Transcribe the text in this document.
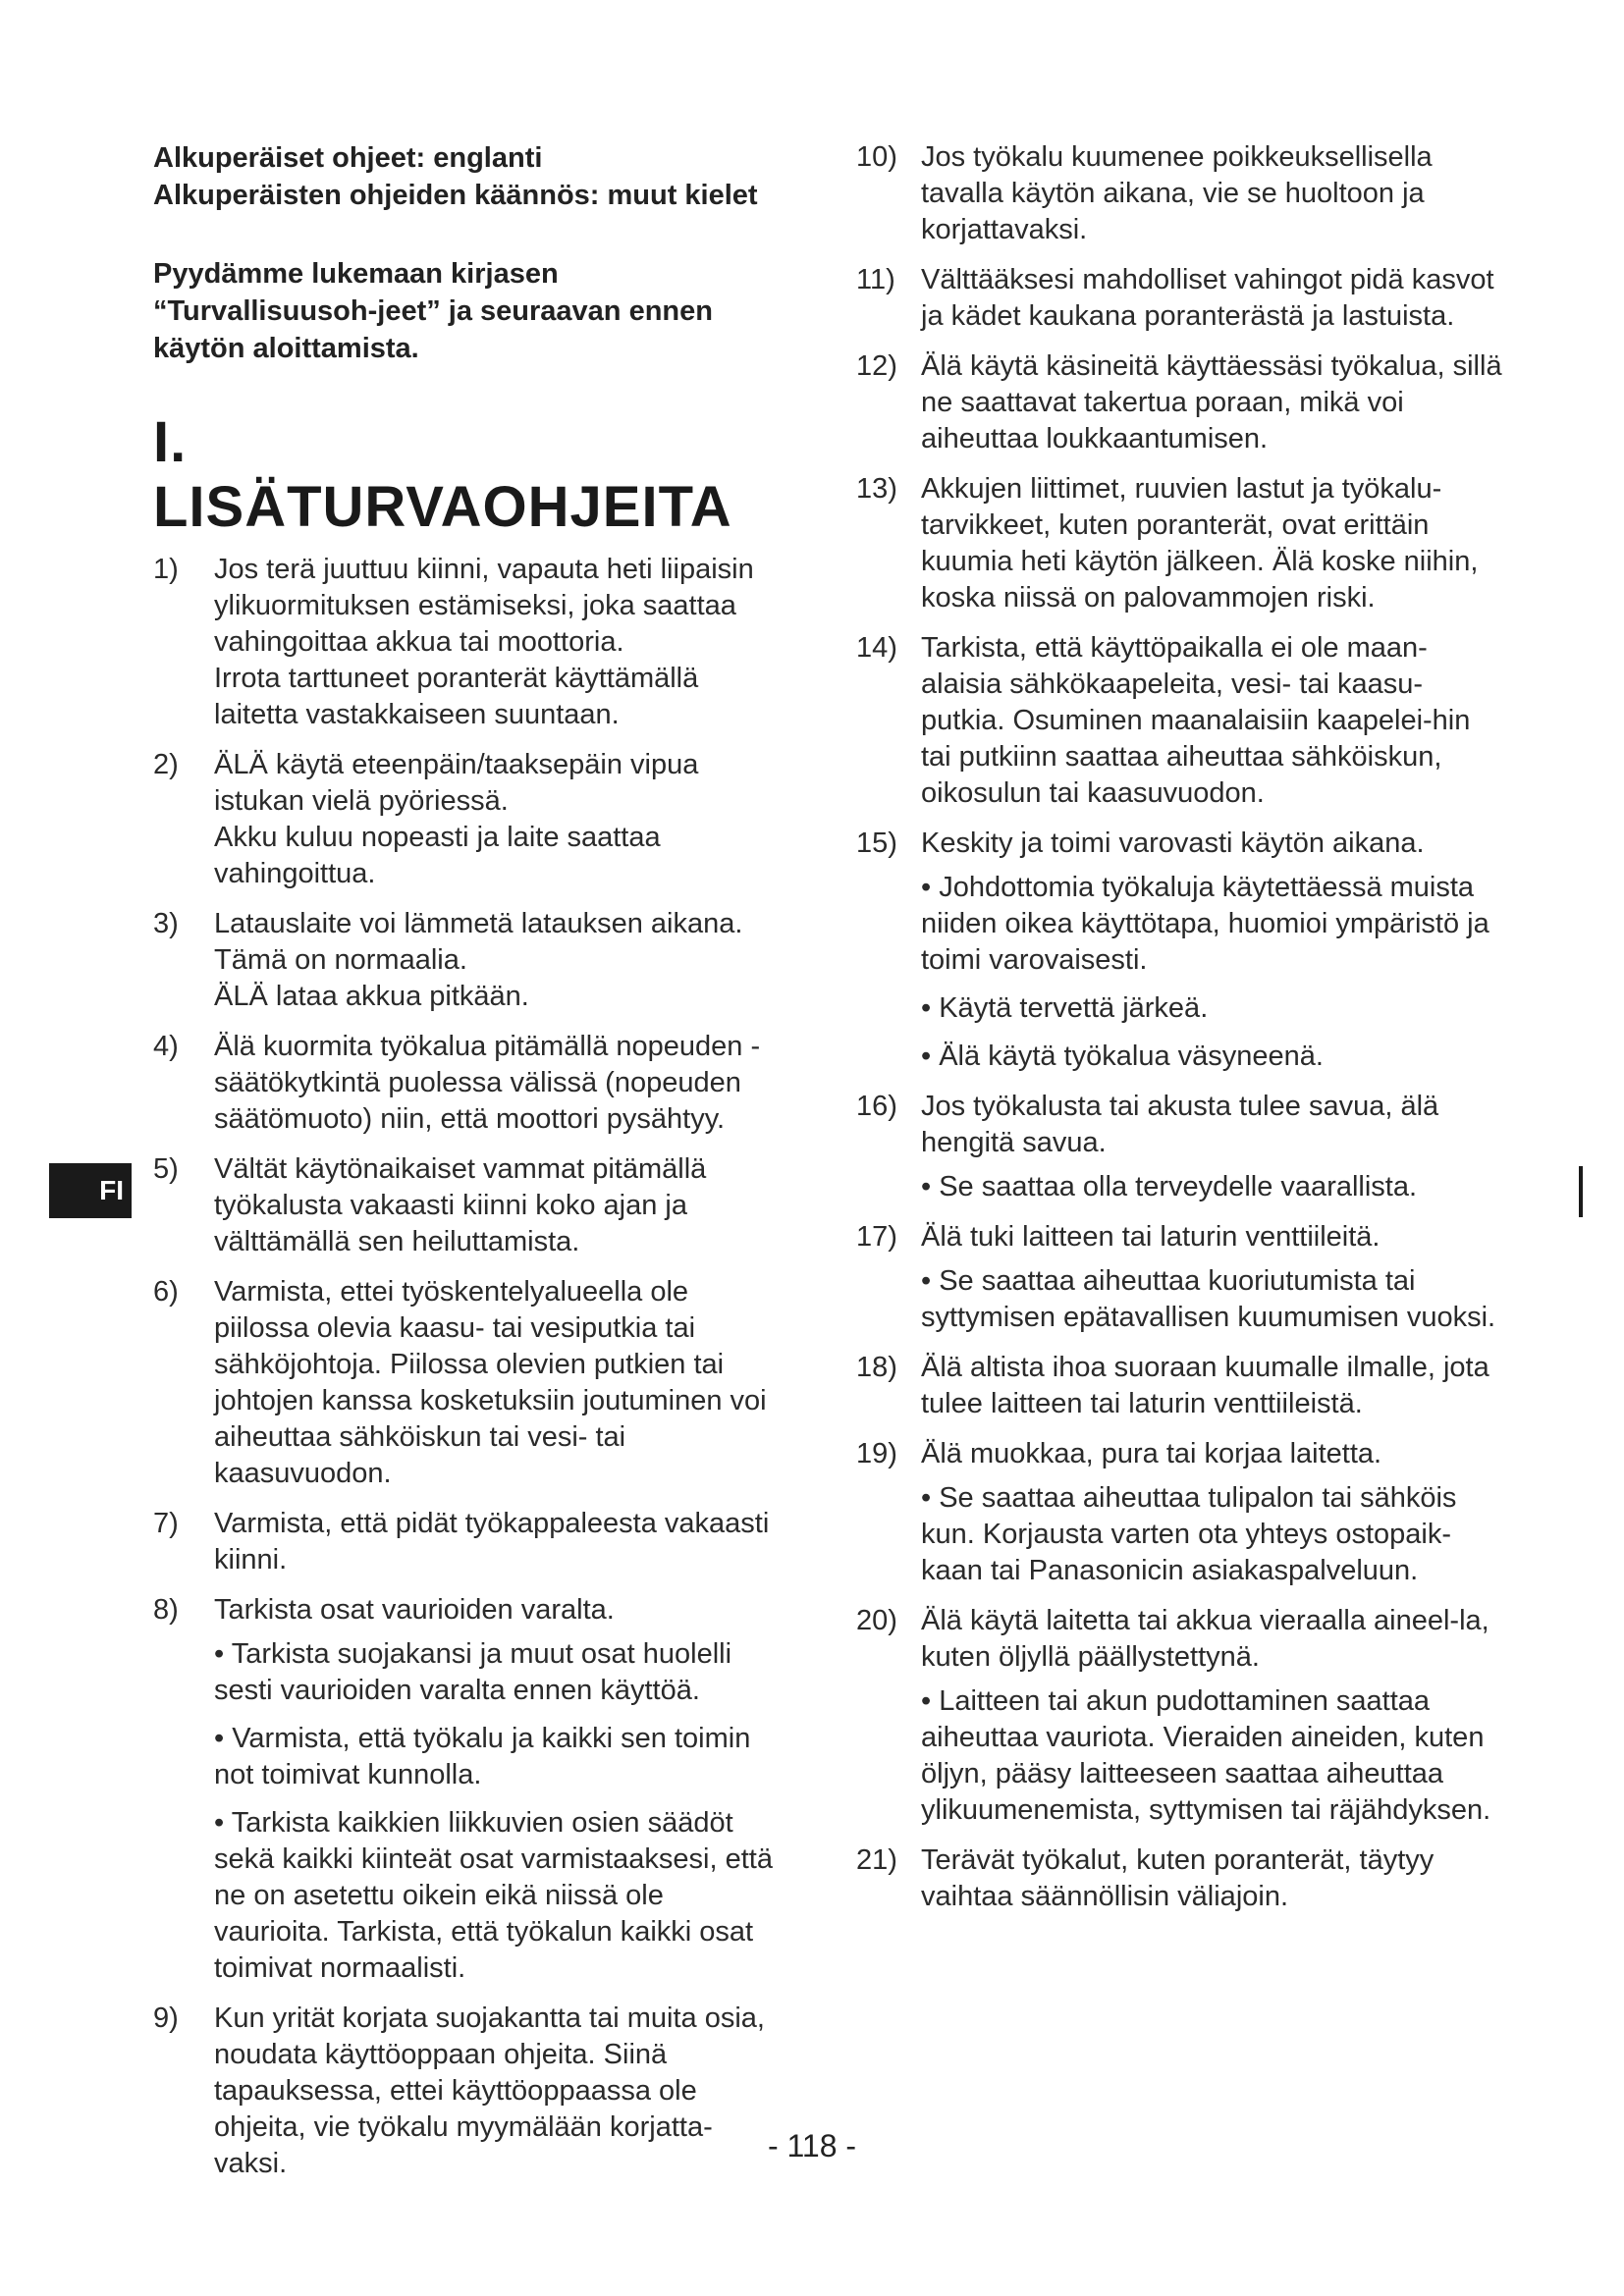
Alkuperäiset ohjeet: englanti

Alkuperäisten ohjeiden käännös: muut kielet

Pyydämme lukemaan kirjasen “Turvallisuusoh-jeet” ja seuraavan ennen käytön aloittamista.

I. LISÄTURVAOHJEITA
1) Jos terä juuttuu kiinni, vapauta heti liipaisin ylikuormituksen estämiseksi, joka saattaa vahingoittaa akkua tai moottoria.

Irrota tarttuneet poranterät käyttämällä laitetta vastakkaiseen suuntaan.

2) ÄLÄ käytä eteenpäin/taaksepäin vipua istukan vielä pyöriessä.

Akku kuluu nopeasti ja laite saattaa vahingoittua.

3) Latauslaite voi lämmetä latauksen aikana.

Tämä on normaalia.

ÄLÄ lataa akkua pitkään.

4) Älä kuormita työkalua pitämällä nopeuden - säätökytkintä puolessa välissä (nopeuden säätömuoto) niin, että moottori pysähtyy.

5) Vältät käytönaikaiset vammat pitämällä työkalusta vakaasti kiinni koko ajan ja välttämällä sen heiluttamista.

6) Varmista, ettei työskentelyalueella ole piilossa olevia kaasu- tai vesiputkia tai sähköjohtoja. Piilossa olevien putkien tai johtojen kanssa kosketuksiin joutuminen voi aiheuttaa sähköiskun tai vesi- tai kaasuvuodon.

7) Varmista, että pidät työkappaleesta vakaasti kiinni.

8) Tarkista osat vaurioiden varalta.

• Tarkista suojakansi ja muut osat huolelli sesti vaurioiden varalta ennen käyttöä.
• Varmista, että työkalu ja kaikki sen toimin not toimivat kunnolla.
• Tarkista kaikkien liikkuvien osien säädöt sekä kaikki kiinteät osat varmistaaksesi, että ne on asetettu oikein eikä niissä ole vaurioita. Tarkista, että työkalun kaikki osat toimivat normaalisti.
9) Kun yrität korjata suojakantta tai muita osia, noudata käyttöoppaan ohjeita. Siinä tapauksessa, ettei käyttöoppaassa ole ohjeita, vie työkalu myymälään korjatta-vaksi.

10) Jos työkalu kuumenee poikkeuksellisella tavalla käytön aikana, vie se huoltoon ja korjattavaksi.

11) Välttääksesi mahdolliset vahingot pidä kasvot ja kädet kaukana poranterästä ja lastuista.

12) Älä käytä käsineitä käyttäessäsi työkalua, sillä ne saattavat takertua poraan, mikä voi aiheuttaa loukkaantumisen.

13) Akkujen liittimet, ruuvien lastut ja työkalu-tarvikkeet, kuten poranterät, ovat erittäin kuumia heti käytön jälkeen. Älä koske niihin, koska niissä on palovammojen riski.

14) Tarkista, että käyttöpaikalla ei ole maan-alaisia sähkökaapeleita, vesi- tai kaasu-putkia. Osuminen maanalaisiin kaapelei-hin tai putkiinn saattaa aiheuttaa sähköiskun, oikosulun tai kaasuvuodon.

15) Keskity ja toimi varovasti käytön aikana.

• Johdottomia työkaluja käytettäessä muista niiden oikea käyttötapa, huomioi ympäristö ja toimi varovaisesti.
• Käytä tervettä järkeä.
• Älä käytä työkalua väsyneenä.
16) Jos työkalusta tai akusta tulee savua, älä hengitä savua.

• Se saattaa olla terveydelle vaarallista.
17) Älä tuki laitteen tai laturin venttiileitä.

• Se saattaa aiheuttaa kuoriutumista tai syttymisen epätavallisen kuumumisen vuoksi.
18) Älä altista ihoa suoraan kuumalle ilmalle, jota tulee laitteen tai laturin venttiileistä.

19) Älä muokkaa, pura tai korjaa laitetta.

• Se saattaa aiheuttaa tulipalon tai sähköis kun. Korjausta varten ota yhteys ostopaik-kaan tai Panasonicin asiakaspalveluun.
20) Älä käytä laitetta tai akkua vieraalla aineel-la, kuten öljyllä päällystettynä.

• Laitteen tai akun pudottaminen saattaa aiheuttaa vauriota. Vieraiden aineiden, kuten öljyn, pääsy laitteeseen saattaa aiheuttaa ylikuumenemista, syttymisen tai räjähdyksen.
21) Terävät työkalut, kuten poranterät, täytyy vaihtaa säännöllisin väliajoin.

FI
- 118 -
